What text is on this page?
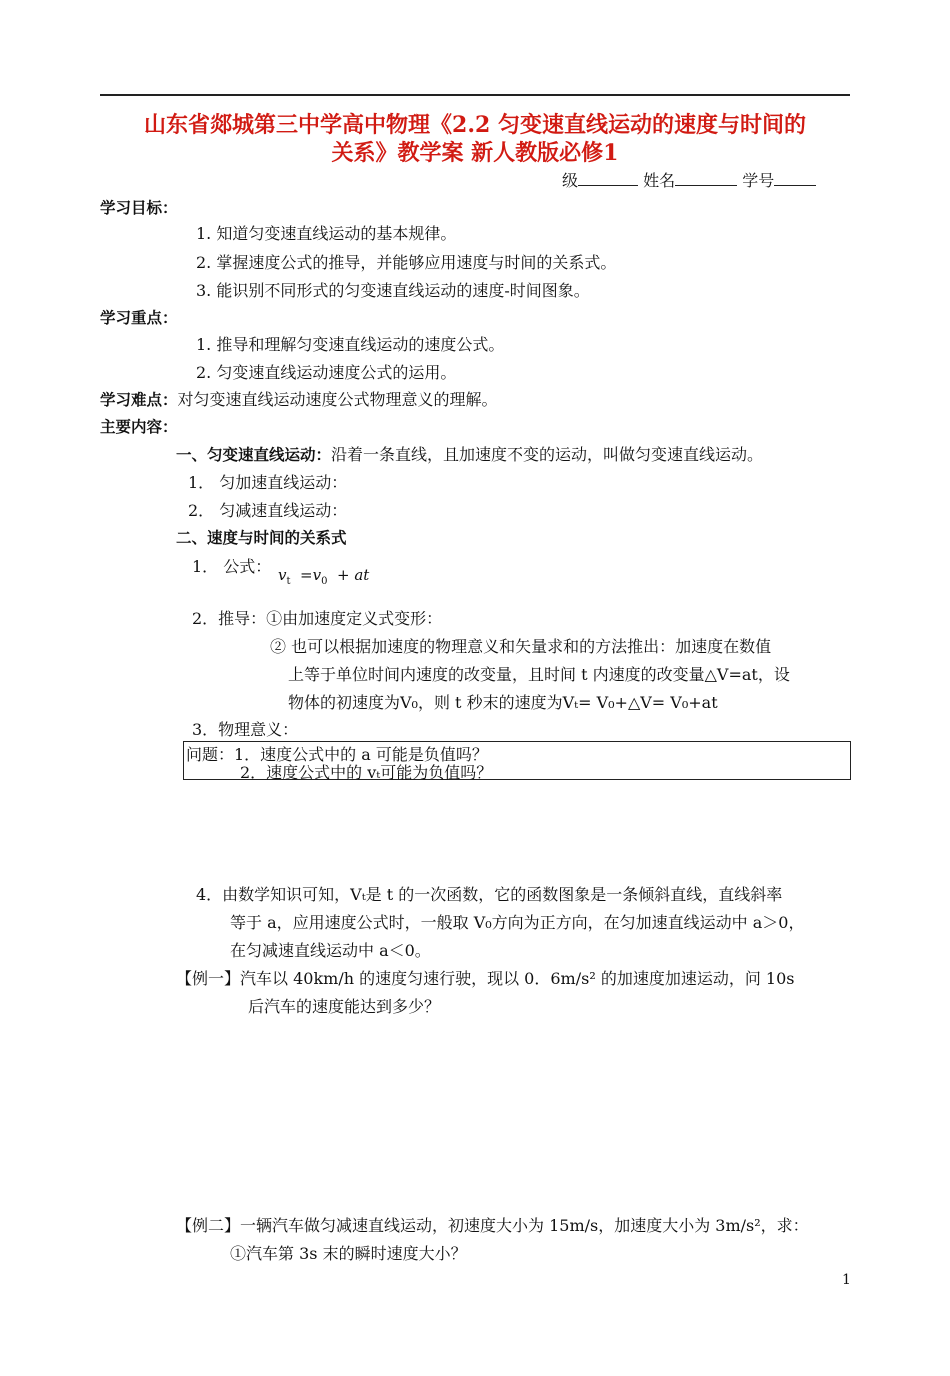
山东省郯城第三中学高中物理《2.2 匀变速直线运动的速度与时间的
关系》教学案 新人教版必修1
级	姓名	学号
学习目标：
1. 知道匀变速直线运动的基本规律。
2. 掌握速度公式的推导，并能够应用速度与时间的关系式。
3. 能识别不同形式的匀变速直线运动的速度-时间图象。
学习重点：
1. 推导和理解匀变速直线运动的速度公式。
2. 匀变速直线运动速度公式的运用。
学习难点：对匀变速直线运动速度公式物理意义的理解。
主要内容：
一、匀变速直线运动：沿着一条直线，且加速度不变的运动，叫做匀变速直线运动。
1． 匀加速直线运动：
2． 匀减速直线运动：
二、速度与时间的关系式
1． 公式： $v_t =v_0$  + at
2．推导：①由加速度定义式变形：
② 也可以根据加速度的物理意义和矢量求和的方法推出：加速度在数值
上等于单位时间内速度的改变量，且时间 t 内速度的改变量△V=at，设
物体的初速度为V₀，则 t 秒末的速度为Vₜ= V₀+△V= V₀+at
3．物理意义：
问题：1．速度公式中的 a 可能是负值吗？
2．速度公式中的 vₜ可能为负值吗？
4．由数学知识可知，Vₜ是 t 的一次函数，它的函数图象是一条倾斜直线，直线斜率
等于 a，应用速度公式时，一般取 V₀方向为正方向，在匀加速直线运动中 a＞0，
在匀减速直线运动中 a＜0。
【例一】汽车以 40km/h 的速度匀速行驶，现以 0．6m/s² 的加速度加速运动，问 10s
后汽车的速度能达到多少？
【例二】一辆汽车做匀减速直线运动，初速度大小为 15m/s，加速度大小为 3m/s²，求：
①汽车第 3s 末的瞬时速度大小？
1
